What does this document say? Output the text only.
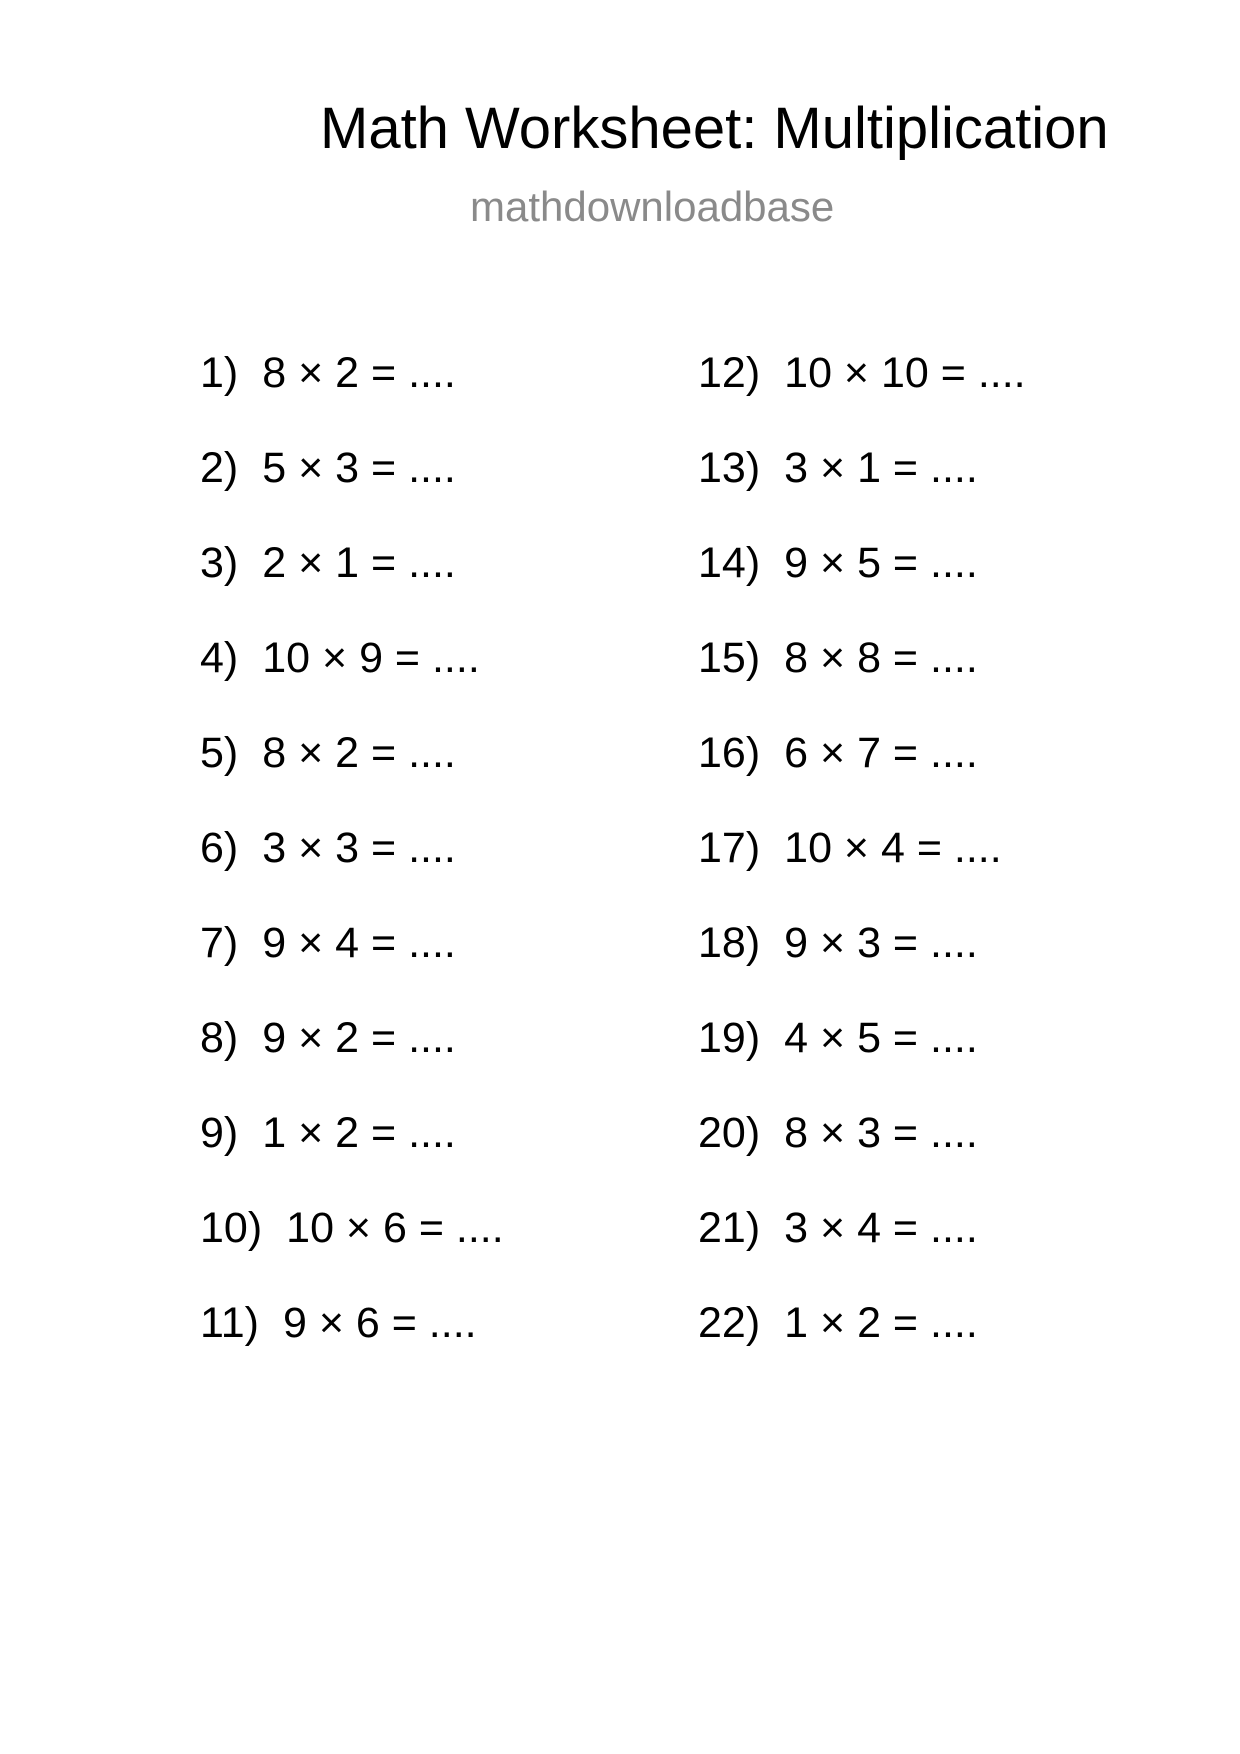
Math Worksheet: Multiplication

mathdownloadbase

1) 8 × 2 = ....
2) 5 × 3 = ....
3) 2 × 1 = ....
4) 10 × 9 = ....
5) 8 × 2 = ....
6) 3 × 3 = ....
7) 9 × 4 = ....
8) 9 × 2 = ....
9) 1 × 2 = ....
10) 10 × 6 = ....
11) 9 × 6 = ....
12) 10 × 10 = ....
13) 3 × 1 = ....
14) 9 × 5 = ....
15) 8 × 8 = ....
16) 6 × 7 = ....
17) 10 × 4 = ....
18) 9 × 3 = ....
19) 4 × 5 = ....
20) 8 × 3 = ....
21) 3 × 4 = ....
22) 1 × 2 = ....
